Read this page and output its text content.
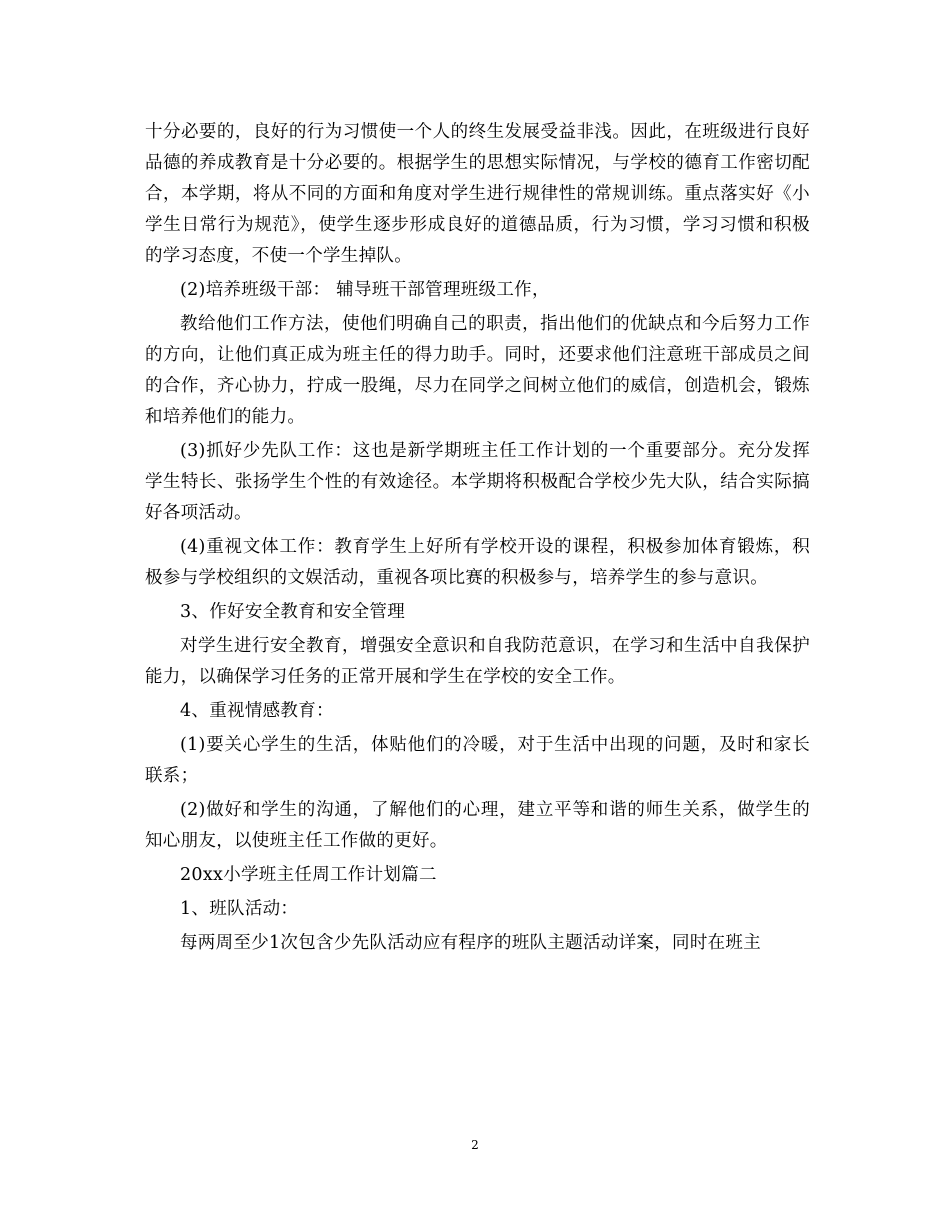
十分必要的，良好的行为习惯使一个人的终生发展受益非浅。因此，在班级进行良好品德的养成教育是十分必要的。根据学生的思想实际情况，与学校的德育工作密切配合，本学期，将从不同的方面和角度对学生进行规律性的常规训练。重点落实好《小学生日常行为规范》，使学生逐步形成良好的道德品质，行为习惯，学习习惯和积极的学习态度，不使一个学生掉队。

(2)培养班级干部： 辅导班干部管理班级工作，

教给他们工作方法，使他们明确自己的职责，指出他们的优缺点和今后努力工作的方向，让他们真正成为班主任的得力助手。同时，还要求他们注意班干部成员之间的合作，齐心协力，拧成一股绳，尽力在同学之间树立他们的威信，创造机会，锻炼和培养他们的能力。

(3)抓好少先队工作：这也是新学期班主任工作计划的一个重要部分。充分发挥学生特长、张扬学生个性的有效途径。本学期将积极配合学校少先大队，结合实际搞好各项活动。

(4)重视文体工作：教育学生上好所有学校开设的课程，积极参加体育锻炼，积极参与学校组织的文娱活动，重视各项比赛的积极参与，培养学生的参与意识。

3、作好安全教育和安全管理

对学生进行安全教育，增强安全意识和自我防范意识，在学习和生活中自我保护能力，以确保学习任务的正常开展和学生在学校的安全工作。

4、重视情感教育：

(1)要关心学生的生活，体贴他们的冷暖，对于生活中出现的问题，及时和家长联系；

(2)做好和学生的沟通，了解他们的心理，建立平等和谐的师生关系，做学生的知心朋友，以使班主任工作做的更好。

20xx小学班主任周工作计划篇二

1、班队活动：

每两周至少1次包含少先队活动应有程序的班队主题活动详案，同时在班主

2
